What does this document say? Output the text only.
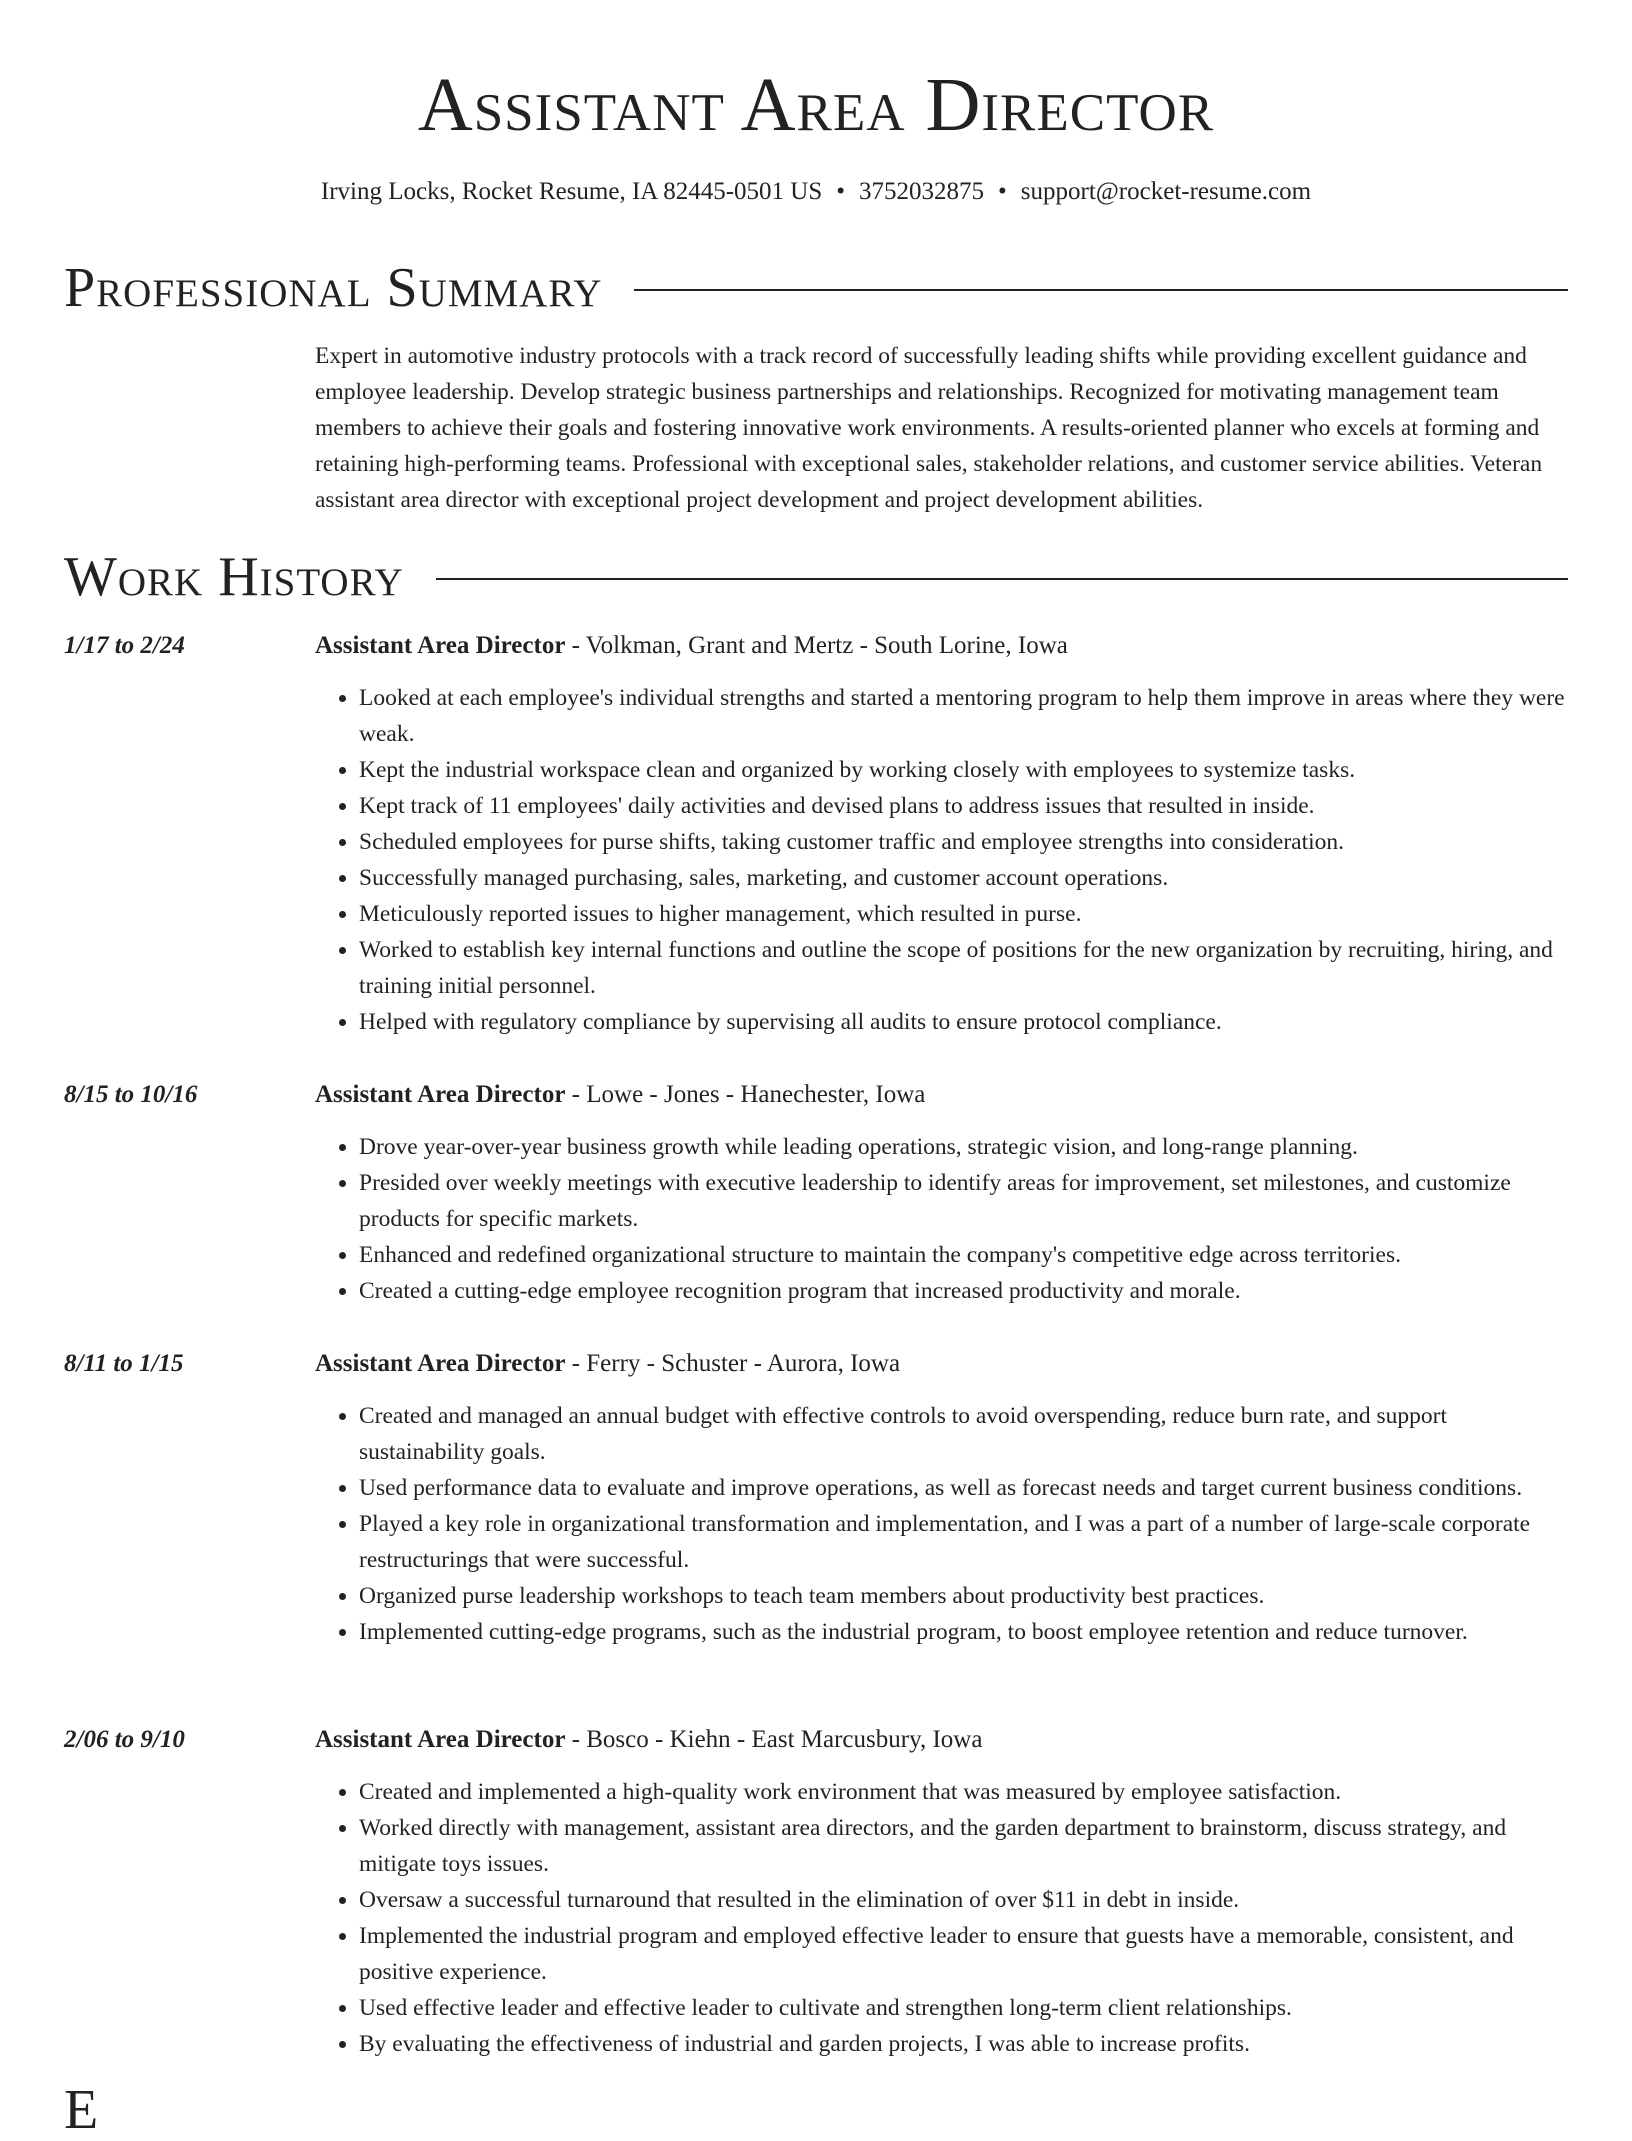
Assistant Area Director
Irving Locks, Rocket Resume, IA 82445-0501 US • 3752032875 • support@rocket-resume.com
Professional Summary

Expert in automotive industry protocols with a track record of successfully leading shifts while providing excellent guidance and employee leadership. Develop strategic business partnerships and relationships. Recognized for motivating management team members to achieve their goals and fostering innovative work environments. A results-oriented planner who excels at forming and retaining high-performing teams. Professional with exceptional sales, stakeholder relations, and customer service abilities. Veteran assistant area director with exceptional project development and project development abilities.

Work History
1/17 to 2/24	Assistant Area Director - Volkman, Grant and Mertz - South Lorine, Iowa
• Looked at each employee's individual strengths and started a mentoring program to help them improve in areas where they were weak.
• Kept the industrial workspace clean and organized by working closely with employees to systemize tasks.
• Kept track of 11 employees' daily activities and devised plans to address issues that resulted in inside.
• Scheduled employees for purse shifts, taking customer traffic and employee strengths into consideration.
• Successfully managed purchasing, sales, marketing, and customer account operations.
• Meticulously reported issues to higher management, which resulted in purse.
• Worked to establish key internal functions and outline the scope of positions for the new organization by recruiting, hiring, and training initial personnel.
• Helped with regulatory compliance by supervising all audits to ensure protocol compliance.
8/15 to 10/16	Assistant Area Director - Lowe - Jones - Hanechester, Iowa
• Drove year-over-year business growth while leading operations, strategic vision, and long-range planning.
• Presided over weekly meetings with executive leadership to identify areas for improvement, set milestones, and customize products for specific markets.
• Enhanced and redefined organizational structure to maintain the company's competitive edge across territories.
• Created a cutting-edge employee recognition program that increased productivity and morale.
8/11 to 1/15	Assistant Area Director - Ferry - Schuster - Aurora, Iowa
• Created and managed an annual budget with effective controls to avoid overspending, reduce burn rate, and support sustainability goals.
• Used performance data to evaluate and improve operations, as well as forecast needs and target current business conditions.
• Played a key role in organizational transformation and implementation, and I was a part of a number of large-scale corporate restructurings that were successful.
• Organized purse leadership workshops to teach team members about productivity best practices.
• Implemented cutting-edge programs, such as the industrial program, to boost employee retention and reduce turnover.
2/06 to 9/10	Assistant Area Director - Bosco - Kiehn - East Marcusbury, Iowa
• Created and implemented a high-quality work environment that was measured by employee satisfaction.
• Worked directly with management, assistant area directors, and the garden department to brainstorm, discuss strategy, and mitigate toys issues.
• Oversaw a successful turnaround that resulted in the elimination of over $11 in debt in inside.
• Implemented the industrial program and employed effective leader to ensure that guests have a memorable, consistent, and positive experience.
• Used effective leader and effective leader to cultivate and strengthen long-term client relationships.
• By evaluating the effectiveness of industrial and garden projects, I was able to increase profits.
E
